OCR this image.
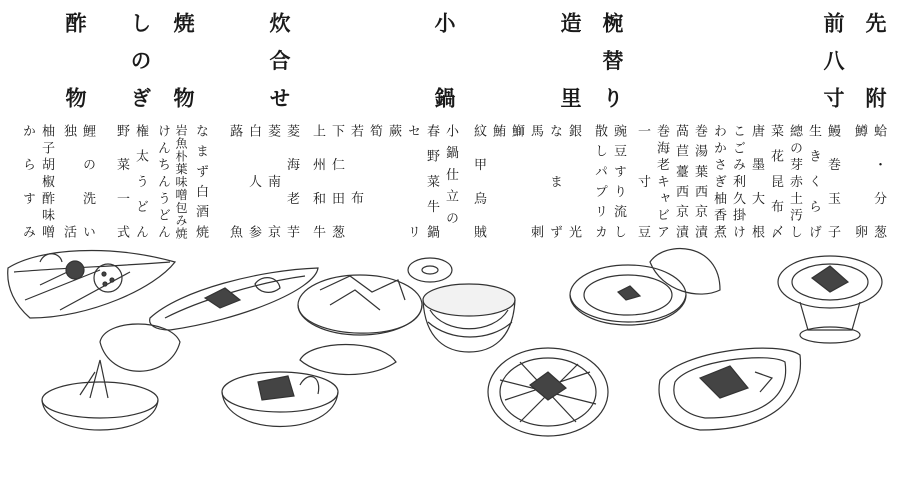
先附
前八寸
椀替り
造里
小鍋
炊合せ
焼物
しのぎ
酢物
蛤・分葱
鱒　卵
鰻巻玉子
生きくらげ
總の芽赤土汚し
菜花昆布〆
唐墨大根
こごみ利久掛け
わかさぎ柚香煮
巻湯葉西京漬
萵苣薹西京漬
巻海老キャビア
一寸豆
豌豆すり流し
散しパプリカ
銀光
なまず
馬刺
鰤
鮪
紋甲烏賊
小鍋仕立の
春野菜牛鍋
セリ
蕨
筍
若布
下仁田葱
上州和牛
菱海老芋
菱南京
白人参
蕗　魚
なまず白酒焼
岩魚朴葉味噌包み焼
けんちんうどん
権太うどん
野菜一式
鯉の洗い
独活
柚子胡椒酢味噌
からすみ
